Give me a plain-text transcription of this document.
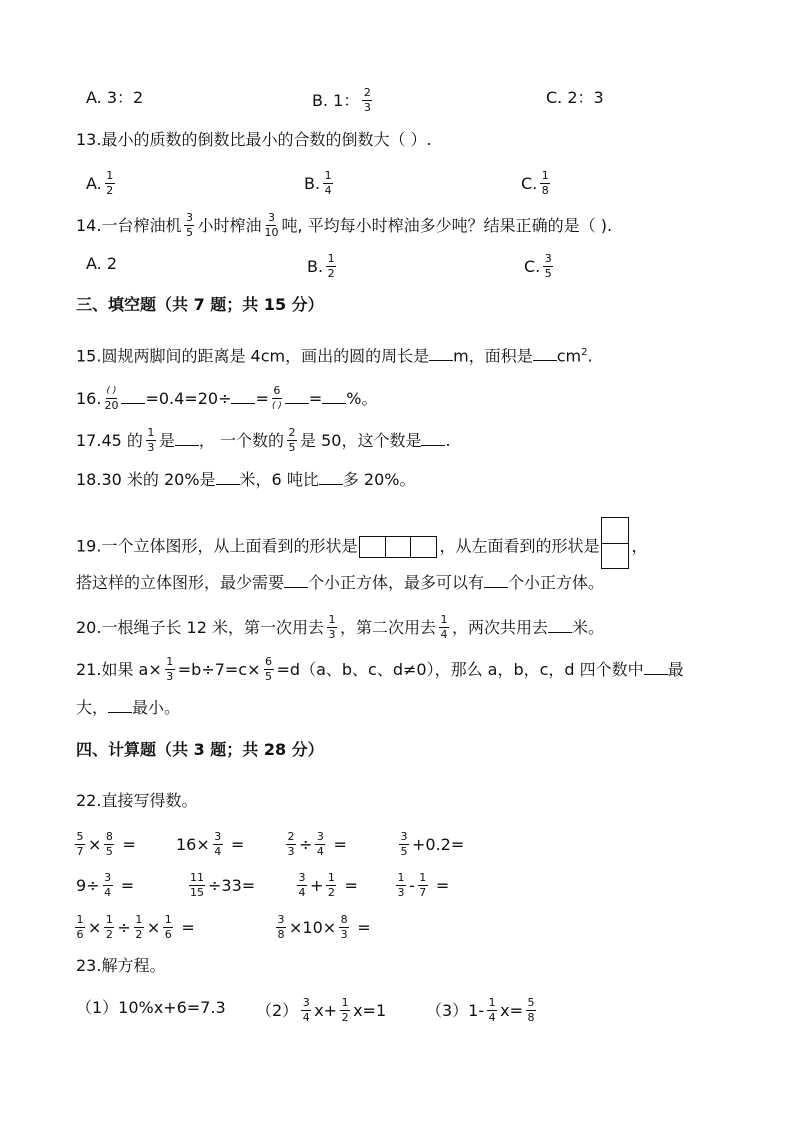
A. 3：2	B. 1： $\frac{2}{3}$	C. 2：3
13.最小的质数的倒数比最小的合数的倒数大（ ）.
A. $\frac{1}{2}$	B. $\frac{1}{4}$	C. $\frac{1}{8}$
14.一台榨油机 $\frac{3}{5}$ 小时榨油 $\frac{3}{10}$ 吨, 平均每小时榨油多少吨？结果正确的是（ ).
A. 2	B. $\frac{1}{2}$	C. $\frac{3}{5}$
三、填空题（共 7 题；共 15 分）
15.圆规两脚间的距离是 4cm，画出的圆的周长是 m，面积是 $cm^2$.
16. ( )
20 =0.4=20÷ = 6
( ) = %。
17.45 的 $\frac{1}{3}$ 是 ， 一个数的 $\frac{2}{5}$ 是 50，这个数是 .
18.30 米的 20%是 米，6 吨比 多 20%。
19.一个立体图形，从上面看到的形状是	，从左面看到的形状是 ，
搭这样的立体图形，最少需要 个小正方体，最多可以有 个小正方体。
20.一根绳子长 12 米，第一次用去 $\frac{1}{3}$ ，第二次用去 $\frac{1}{4}$ ，两次共用去 米。
21.如果 $a\times \frac{1}{3} =b\div 7=c\times \frac{6}{5} =d(a$、b、c、d≠0），那么 a，b，c，d 四个数中 最
大， 最小。
四、计算题（共 3 题；共 28 分）
22.直接写得数。
$\frac{5}{7} \times \frac{8}{5}$ =	$16\times \frac{3}{4}$ =	$\frac{2}{3} \div \frac{3}{4}$ =	$\frac{3}{5} +0.2=$
$9\div \frac{3}{4}$ =	$\frac{11}{15} \div 33=$	$\frac{3}{4} + \frac{1}{2}$ =	$\frac{1}{3} - \frac{1}{7}$ =
$\frac{1}{6} \times \frac{1}{2} \div \frac{1}{2} \times \frac{1}{6}$ =	$\frac{3}{8} \times 10\times \frac{8}{3}$ =
23.解方程。
（1）10%x+6=7.3 $(2) \frac{3}{4} x+ \frac{1}{2} x=1$ $(3)1- \frac{1}{4} x= \frac{5}{8}$
